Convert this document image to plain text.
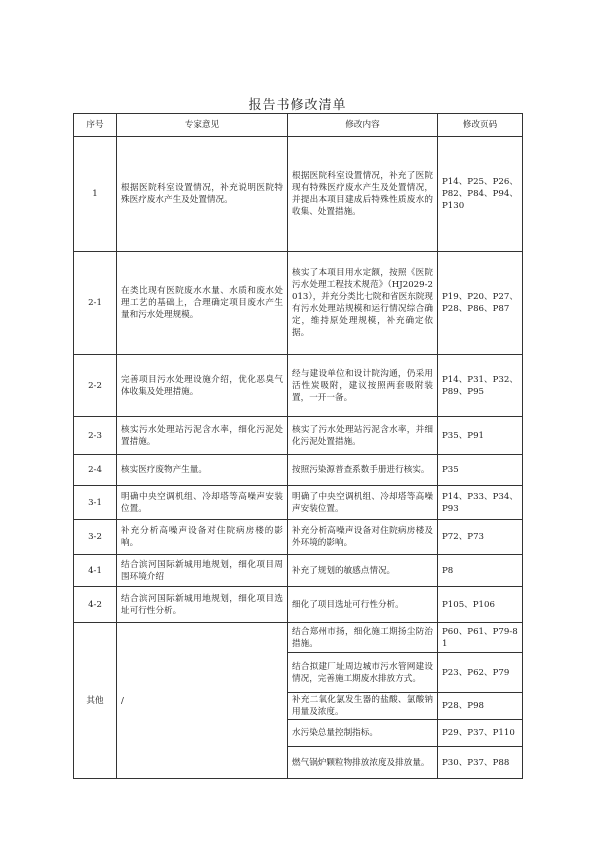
报告书修改清单
序号	专家意见	修改内容	修改页码
1	根据医院科室设置情况，补充说明医院特殊医疗废水产生及处置情况。	根据医院科室设置情况，补充了医院现有特殊医疗废水产生及处置情况，并提出本项目建成后特殊性质废水的收集、处置措施。	P14、P25、P26、P82、P84、P94、P130
2-1	在类比现有医院废水水量、水质和废水处理工艺的基础上，合理确定项目废水产生量和污水处理规模。	核实了本项目用水定额，按照《医院污水处理工程技术规范》（HJ2029-2013），并充分类比七院和省医东院现有污水处理站规模和运行情况综合确定，维持原处理规模，补充确定依据。	P19、P20、P27、P28、P86、P87
2-2	完善项目污水处理设施介绍，优化恶臭气体收集及处理措施。	经与建设单位和设计院沟通，仍采用活性炭吸附，建议按照两套吸附装置，一开一备。	P14、P31、P32、P89、P95
2-3	核实污水处理站污泥含水率，细化污泥处置措施。	核实了污水处理站污泥含水率，并细化污泥处置措施。	P35、P91
2-4	核实医疗废物产生量。	按照污染源普查系数手册进行核实。	P35
3-1	明确中央空调机组、冷却塔等高噪声安装位置。	明确了中央空调机组、冷却塔等高噪声安装位置。	P14、P33、P34、P93
3-2	补充分析高噪声设备对住院病房楼的影响。	补充分析高噪声设备对住院病房楼及外环境的影响。	P72、P73
4-1	结合滨河国际新城用地规划，细化项目周围环境介绍	补充了规划的敏感点情况。	P8
4-2	结合滨河国际新城用地规划，细化项目选址可行性分析。	细化了项目选址可行性分析。	P105、P106
其他	/	结合郑州市扬，细化施工期扬尘防治措施。	P60、P61、P79-81
		结合拟建厂址周边城市污水管网建设情况，完善施工期废水排放方式。	P23、P62、P79
		补充二氧化氯发生器的盐酸、氯酸钠用量及浓度。	P28、P98
		水污染总量控制指标。	P29、P37、P110
		燃气锅炉颗粒物排放浓度及排放量。	P30、P37、P88
